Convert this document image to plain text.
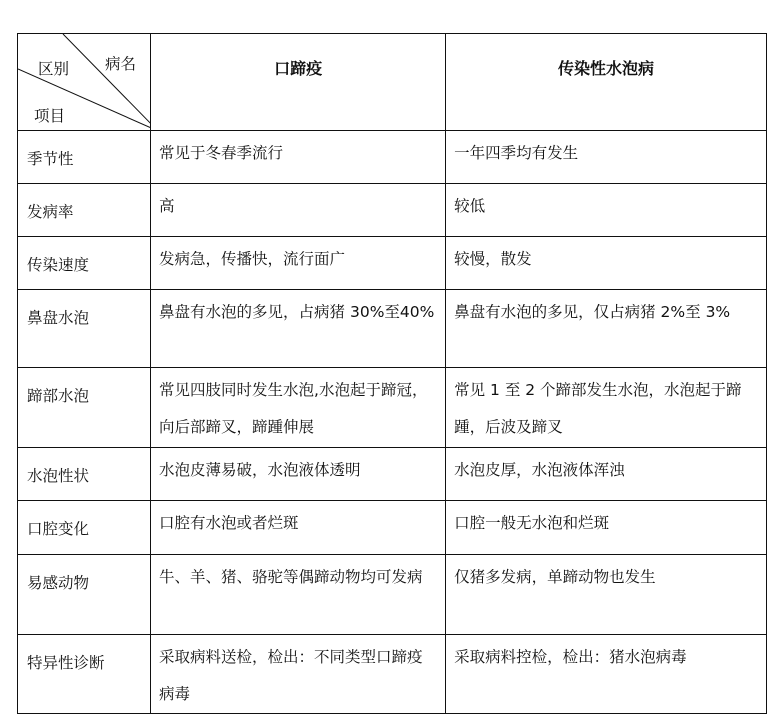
病名
区别
项目	口蹄疫	传染性水泡病
季节性	常见于冬春季流行	一年四季均有发生
发病率	高	较低
传染速度	发病急，传播快，流行面广	较慢，散发
鼻盘水泡	鼻盘有水泡的多见，占病猪 30%至40%	鼻盘有水泡的多见，仅占病猪 2%至 3%
蹄部水泡	常见四肢同时发生水泡,水泡起于蹄冠，向后部蹄叉，蹄踵伸展	常见 1 至 2 个蹄部发生水泡，水泡起于蹄踵，后波及蹄叉
水泡性状	水泡皮薄易破，水泡液体透明	水泡皮厚，水泡液体浑浊
口腔变化	口腔有水泡或者烂斑	口腔一般无水泡和烂斑
易感动物	牛、羊、猪、骆驼等偶蹄动物均可发病	仅猪多发病，单蹄动物也发生
特异性诊断	采取病料送检，检出：不同类型口蹄疫病毒	采取病料控检，检出：猪水泡病毒
